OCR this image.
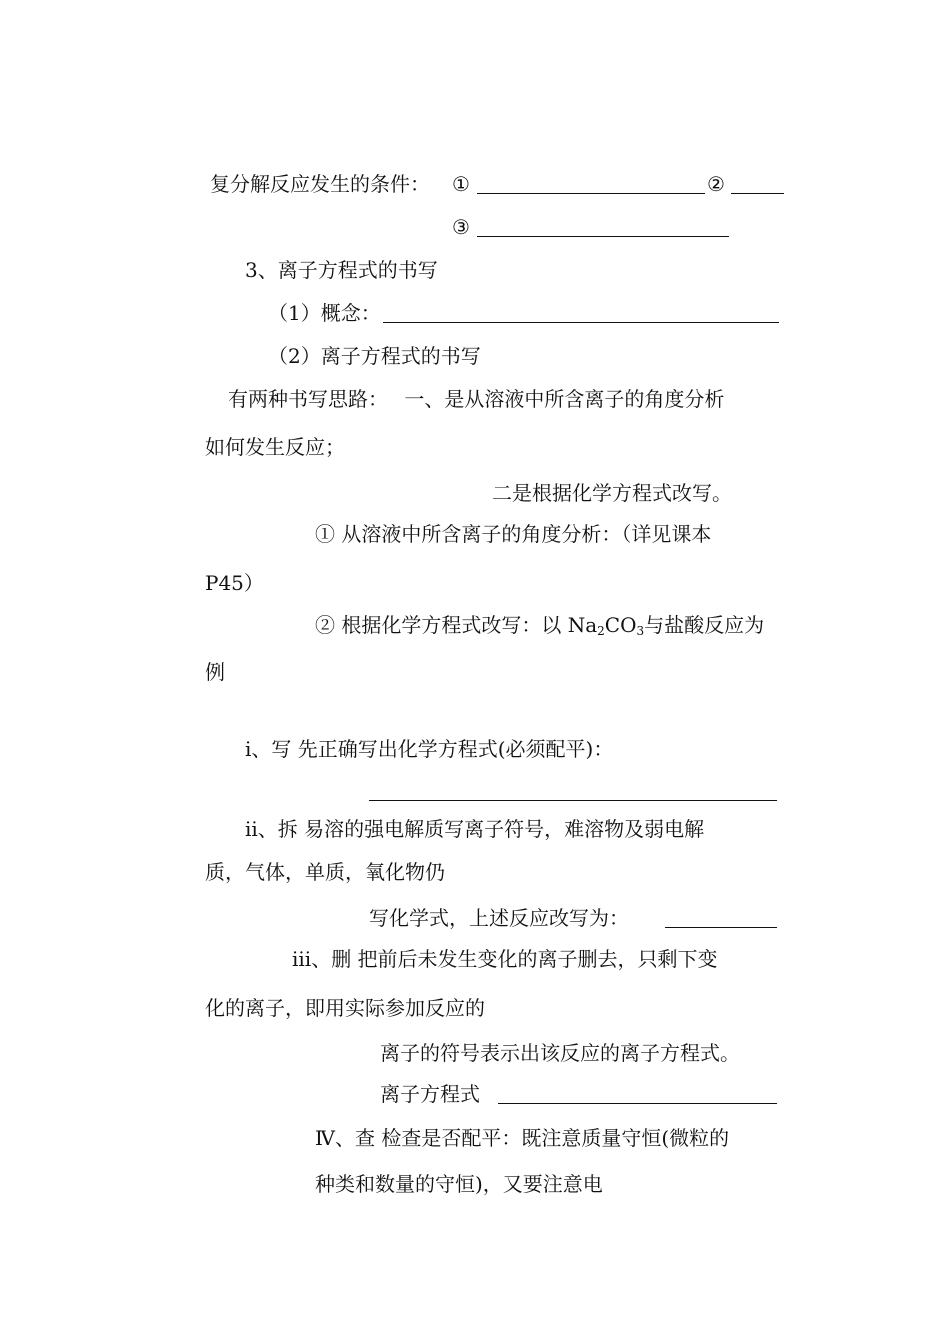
复分解反应发生的条件： ①	②
③
3、离子方程式的书写
（1）概念：
（2）离子方程式的书写
有两种书写思路：　 一、是从溶液中所含离子的角度分析
如何发生反应；
二是根据化学方程式改写。
① 从溶液中所含离子的角度分析：（详见课本
P45）
② 根据化学方程式改写：以 $Na_2CO_3$与盐酸反应为
例
i、写 先正确写出化学方程式(必须配平)：
ii、拆 易溶的强电解质写离子符号，难溶物及弱电解
质，气体，单质，氧化物仍
写化学式，上述反应改写为：
iii、删 把前后未发生变化的离子删去，只剩下变
化的离子，即用实际参加反应的
离子的符号表示出该反应的离子方程式。
离子方程式
Ⅳ、查 检查是否配平：既注意质量守恒(微粒的
种类和数量的守恒)，又要注意电
